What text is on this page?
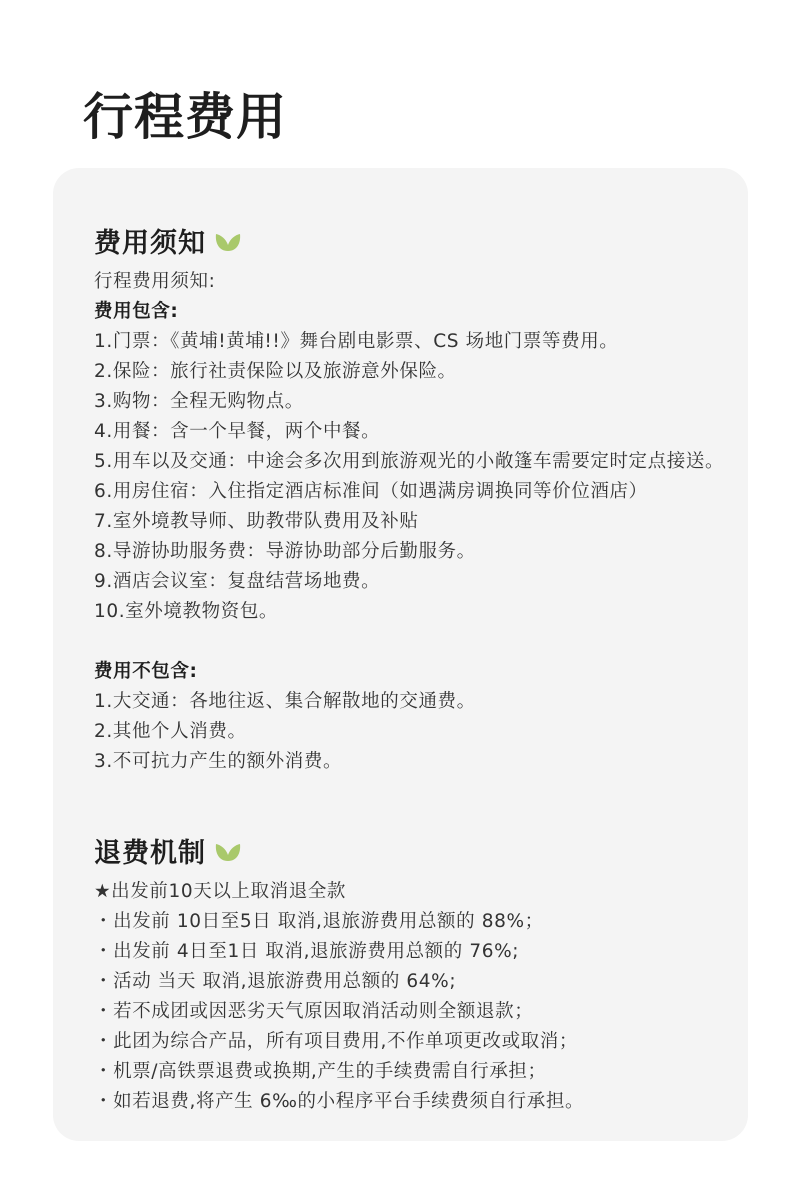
行程费用
费用须知
行程费用须知:
费用包含:
1.门票：《黄埔!黄埔!!》舞台剧电影票、CS 场地门票等费用。
2.保险：旅行社责保险以及旅游意外保险。
3.购物：全程无购物点。
4.用餐：含一个早餐，两个中餐。
5.用车以及交通：中途会多次用到旅游观光的小敞篷车需要定时定点接送。
6.用房住宿：入住指定酒店标准间（如遇满房调换同等价位酒店）
7.室外境教导师、助教带队费用及补贴
8.导游协助服务费：导游协助部分后勤服务。
9.酒店会议室：复盘结营场地费。
10.室外境教物资包。
费用不包含:
1.大交通：各地往返、集合解散地的交通费。
2.其他个人消费。
3.不可抗力产生的额外消费。
退费机制
★出发前10天以上取消退全款
・出发前 10日至5日 取消,退旅游费用总额的 88%；
・出发前 4日至1日 取消,退旅游费用总额的 76%;
・活动 当天 取消,退旅游费用总额的 64%;
・若不成团或因恶劣天气原因取消活动则全额退款；
・此团为综合产品，所有项目费用,不作单项更改或取消；
・机票/高铁票退费或换期,产生的手续费需自行承担；
・如若退费,将产生 6‰的小程序平台手续费须自行承担。
